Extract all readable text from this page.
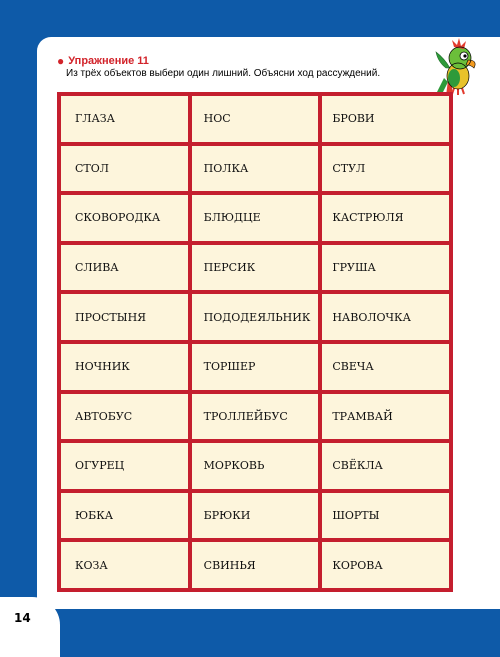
14
● Упражнение 11
Из трёх объектов выбери один лишний. Объясни ход рассуждений.
ГЛАЗА	НОС	БРОВИ
СТОЛ	ПОЛКА	СТУЛ
СКОВОРОДКА	БЛЮДЦЕ	КАСТРЮЛЯ
СЛИВА	ПЕРСИК	ГРУША
ПРОСТЫНЯ	ПОДОДЕЯЛЬНИК	НАВОЛОЧКА
НОЧНИК	ТОРШЕР	СВЕЧА
АВТОБУС	ТРОЛЛЕЙБУС	ТРАМВАЙ
ОГУРЕЦ	МОРКОВЬ	СВЁКЛА
ЮБКА	БРЮКИ	ШОРТЫ
КОЗА	СВИНЬЯ	КОРОВА
